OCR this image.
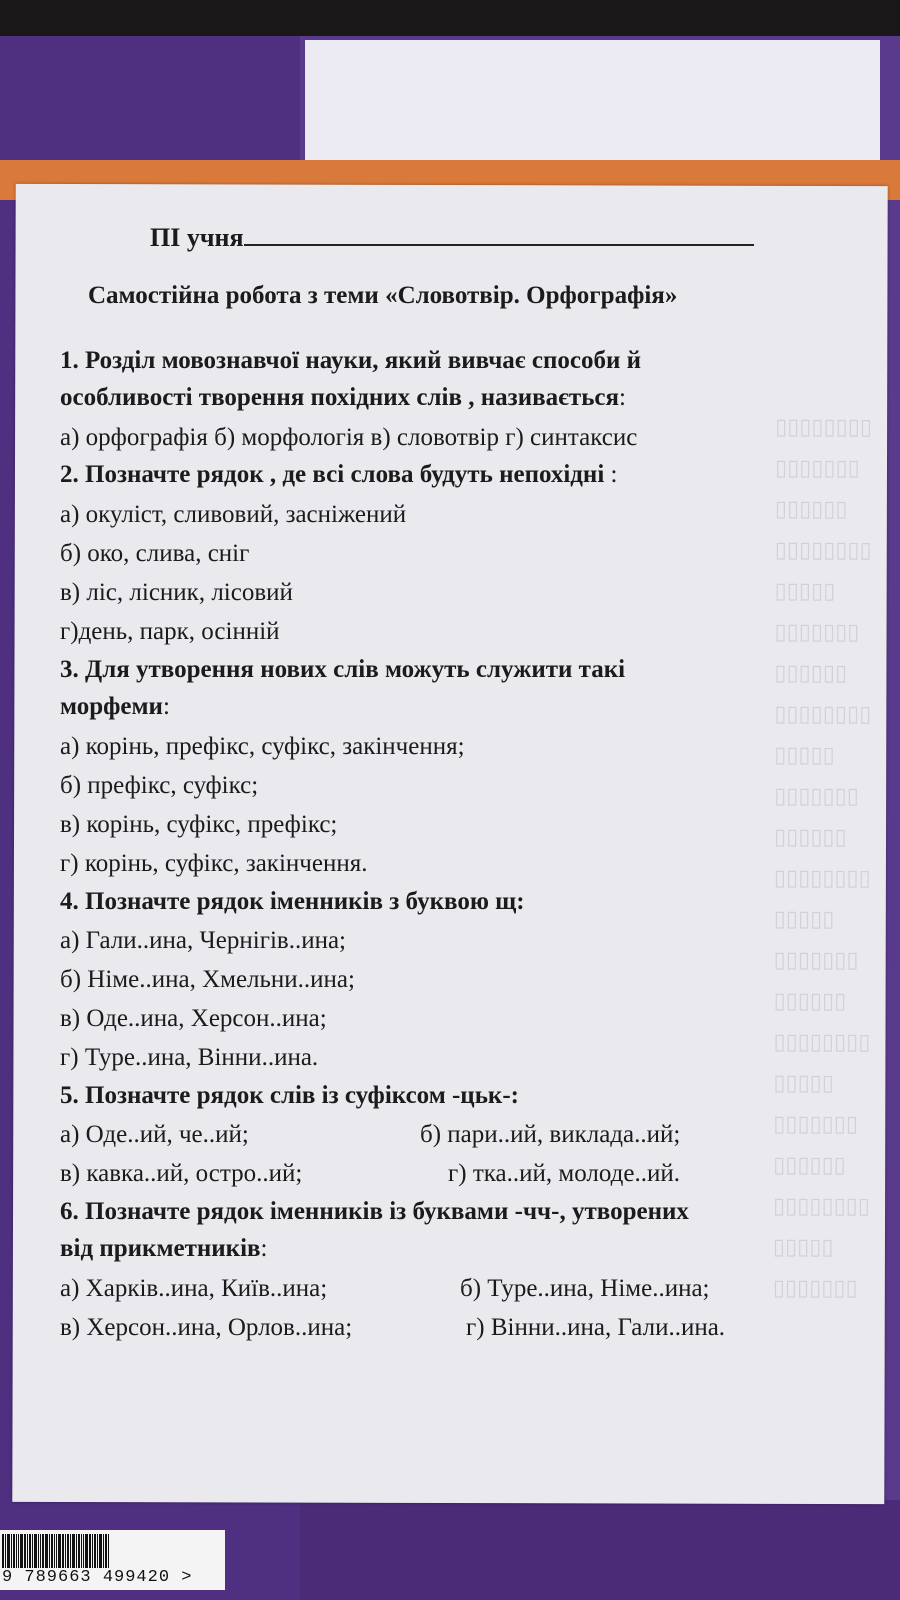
▯▯▯▯▯▯▯▯
▯▯▯▯▯▯▯
▯▯▯▯▯▯
▯▯▯▯▯▯▯▯
▯▯▯▯▯
▯▯▯▯▯▯▯
▯▯▯▯▯▯
▯▯▯▯▯▯▯▯
▯▯▯▯▯
▯▯▯▯▯▯▯
▯▯▯▯▯▯
▯▯▯▯▯▯▯▯
▯▯▯▯▯
▯▯▯▯▯▯▯
▯▯▯▯▯▯
▯▯▯▯▯▯▯▯
▯▯▯▯▯
▯▯▯▯▯▯▯
▯▯▯▯▯▯
▯▯▯▯▯▯▯▯
▯▯▯▯▯
▯▯▯▯▯▯▯
ПІ учня
Самостійна робота з теми «Словотвір. Орфографія»
1. Розділ мовознавчої науки, який вивчає способи й
особливості творення похідних слів , називається:
а) орфографія б) морфологія в) словотвір г) синтаксис
2. Позначте рядок , де всі слова будуть непохідні :
а) окуліст, сливовий, засніжений
б) око, слива, сніг
в) ліс, лісник, лісовий
г)день, парк, осінній
3. Для утворення нових слів можуть служити такі
морфеми:
а) корінь, префікс, суфікс, закінчення;
б) префікс, суфікс;
в) корінь, суфікс, префікс;
г) корінь, суфікс, закінчення.
4. Позначте рядок іменників з буквою щ:
а) Гали..ина, Чернігів..ина;
б) Німе..ина, Хмельни..ина;
в) Оде..ина, Херсон..ина;
г) Туре..ина, Вінни..ина.
5. Позначте рядок слів із суфіксом -цьк-:
а) Оде..ий, че..ий;	б) пари..ий, виклада..ий;
в) кавка..ий, остро..ий;	г) тка..ий, молоде..ий.
6. Позначте рядок іменників із буквами -чч-, утворених
від прикметників:
а) Харків..ина, Київ..ина;	б) Туре..ина, Німе..ина;
в) Херсон..ина, Орлов..ина;	г) Вінни..ина, Гали..ина.
9 789663 499420 >
